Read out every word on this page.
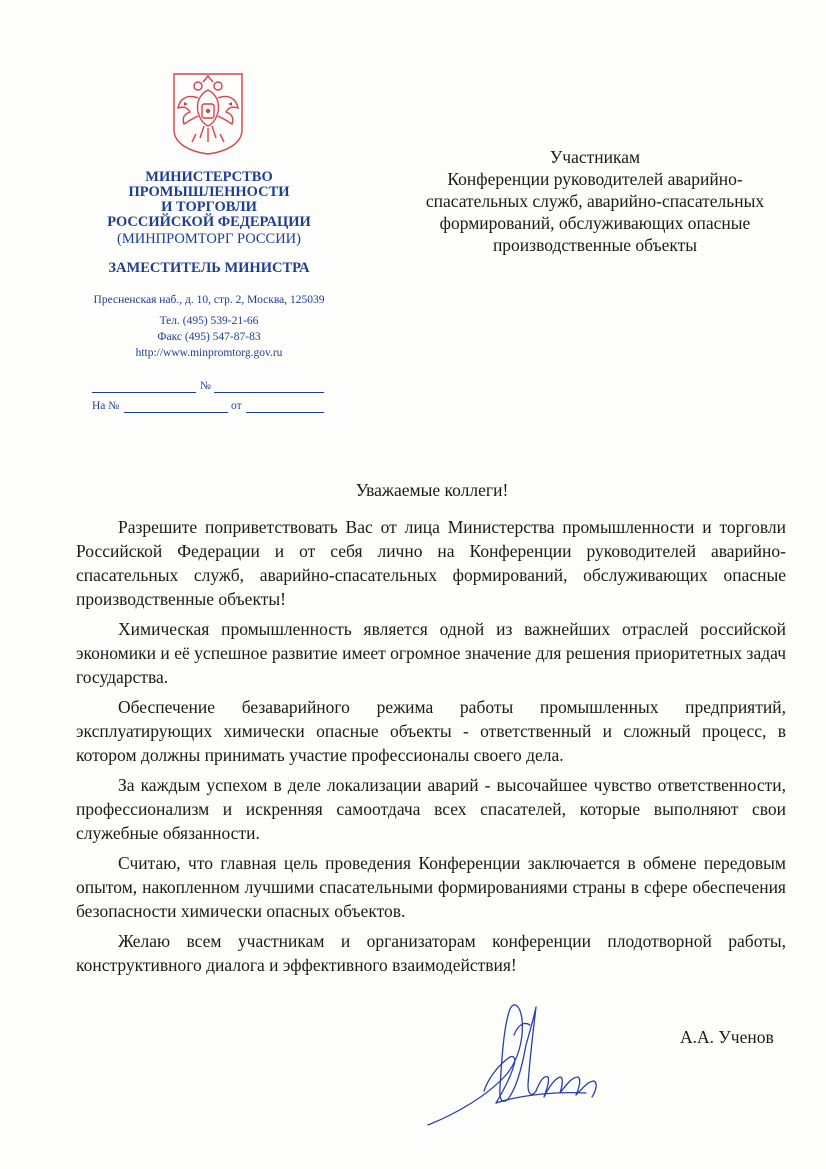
МИНИСТЕРСТВО
ПРОМЫШЛЕННОСТИ
И ТОРГОВЛИ
РОССИЙСКОЙ ФЕДЕРАЦИИ
(МИНПРОМТОРГ РОССИИ)
ЗАМЕСТИТЕЛЬ МИНИСТРА
Пресненская наб., д. 10, стр. 2, Москва, 125039
Тел. (495) 539-21-66
Факс (495) 547-87-83
http://www.minpromtorg.gov.ru
№
На №	от
Участникам
Конференции руководителей аварийно-
спасательных служб, аварийно-спасательных
формирований, обслуживающих опасные
производственные объекты
Уважаемые коллеги!

Разрешите поприветствовать Вас от лица Министерства промышленности и торговли Российской Федерации и от себя лично на Конференции руководителей аварийно-спасательных служб, аварийно-спасательных формирований, обслуживающих опасные производственные объекты!

Химическая промышленность является одной из важнейших отраслей российской экономики и её успешное развитие имеет огромное значение для решения приоритетных задач государства.

Обеспечение безаварийного режима работы промышленных предприятий, эксплуатирующих химически опасные объекты - ответственный и сложный процесс, в котором должны принимать участие профессионалы своего дела.

За каждым успехом в деле локализации аварий - высочайшее чувство ответственности, профессионализм и искренняя самоотдача всех спасателей, которые выполняют свои служебные обязанности.

Считаю, что главная цель проведения Конференции заключается в обмене передовым опытом, накопленном лучшими спасательными формированиями страны в сфере обеспечения безопасности химически опасных объектов.

Желаю всем участникам и организаторам конференции плодотворной работы, конструктивного диалога и эффективного взаимодействия!

А.А. Ученов
